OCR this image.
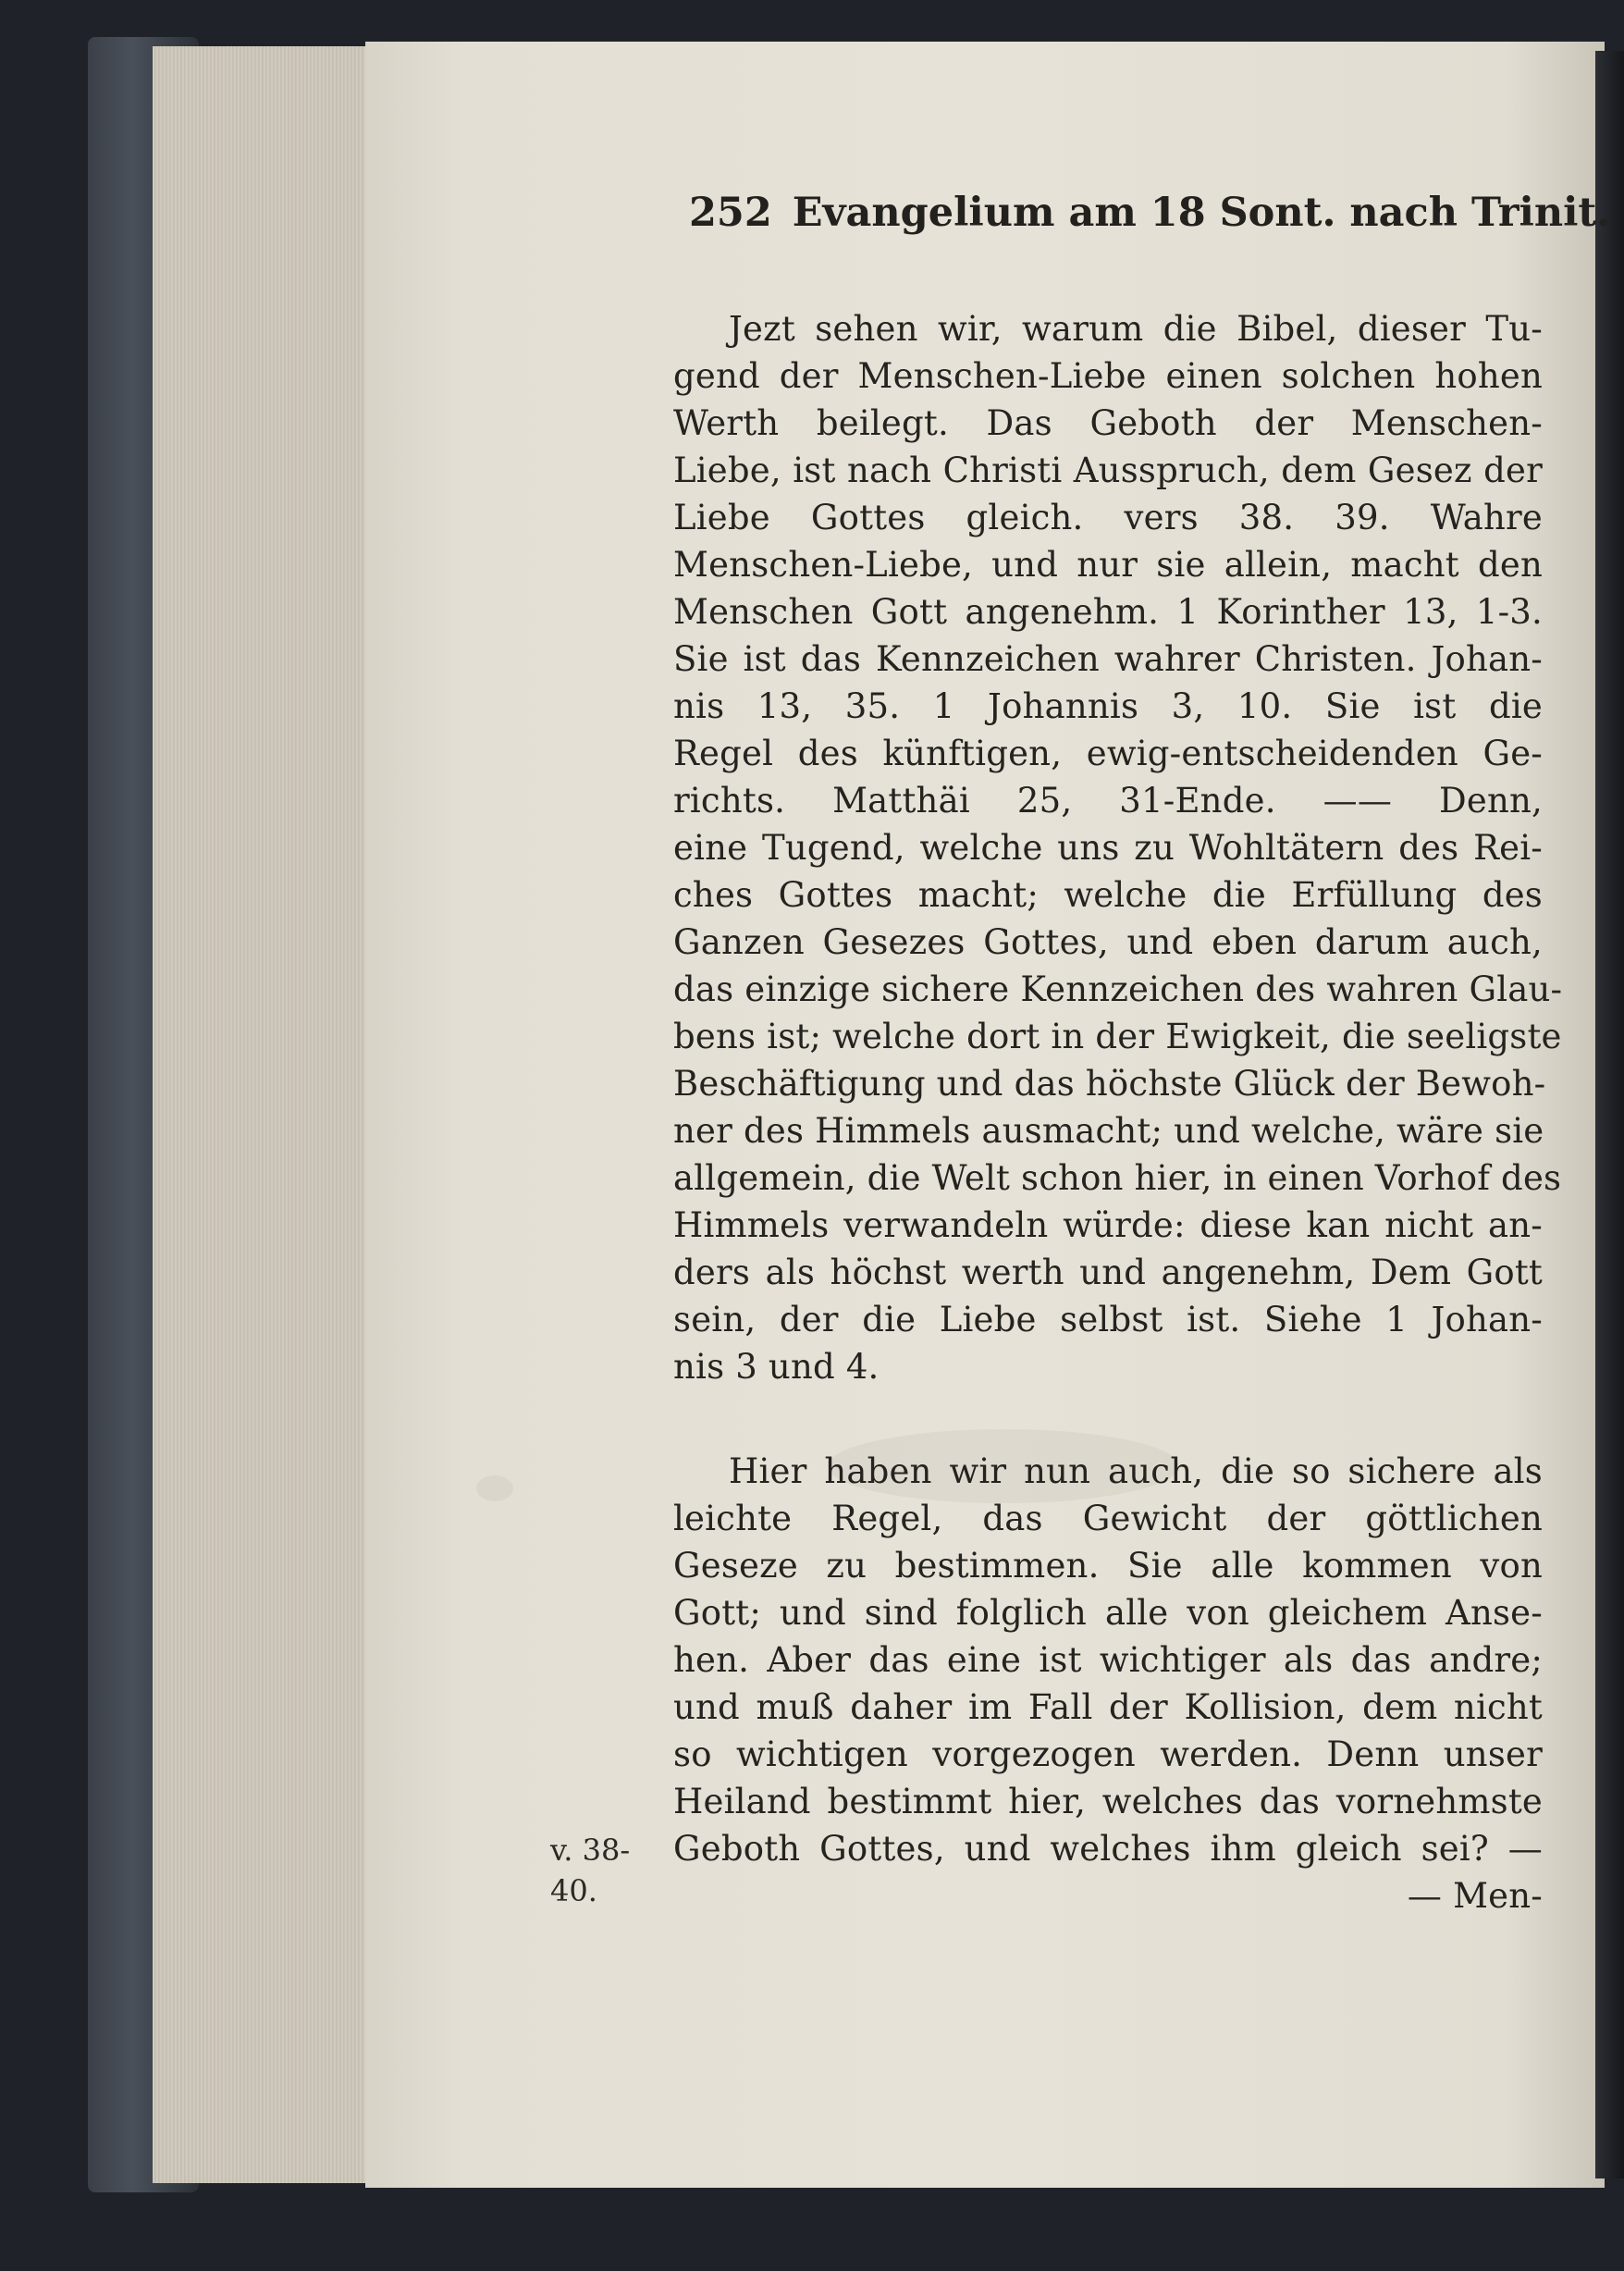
252 Evangelium am 18 Sont. nach Trinit.
Jezt sehen wir, warum die Bibel, dieser Tu-
gend der Menschen-Liebe einen solchen hohen
Werth beilegt. Das Geboth der Menschen-
Liebe, ist nach Christi Ausspruch, dem Gesez der
Liebe Gottes gleich. vers 38. 39. Wahre
Menschen-Liebe, und nur sie allein, macht den
Menschen Gott angenehm. 1 Korinther 13, 1-3.
Sie ist das Kennzeichen wahrer Christen. Johan-
nis 13, 35. 1 Johannis 3, 10. Sie ist die
Regel des künftigen, ewig-entscheidenden Ge-
richts. Matthäi 25, 31-Ende. —— Denn,
eine Tugend, welche uns zu Wohltätern des Rei-
ches Gottes macht; welche die Erfüllung des
Ganzen Gesezes Gottes, und eben darum auch,
das einzige sichere Kennzeichen des wahren Glau-
bens ist; welche dort in der Ewigkeit, die seeligste
Beschäftigung und das höchste Glück der Bewoh-
ner des Himmels ausmacht; und welche, wäre sie
allgemein, die Welt schon hier, in einen Vorhof des
Himmels verwandeln würde: diese kan nicht an-
ders als höchst werth und angenehm, Dem Gott
sein, der die Liebe selbst ist. Siehe 1 Johan-
nis 3 und 4.
Hier haben wir nun auch, die so sichere als
leichte Regel, das Gewicht der göttlichen
Geseze zu bestimmen. Sie alle kommen von
Gott; und sind folglich alle von gleichem Anse-
hen. Aber das eine ist wichtiger als das andre;
und muß daher im Fall der Kollision, dem nicht
so wichtigen vorgezogen werden. Denn unser
Heiland bestimmt hier, welches das vornehmste
Geboth Gottes, und welches ihm gleich sei? —
— Men-
v. 38-
40.
